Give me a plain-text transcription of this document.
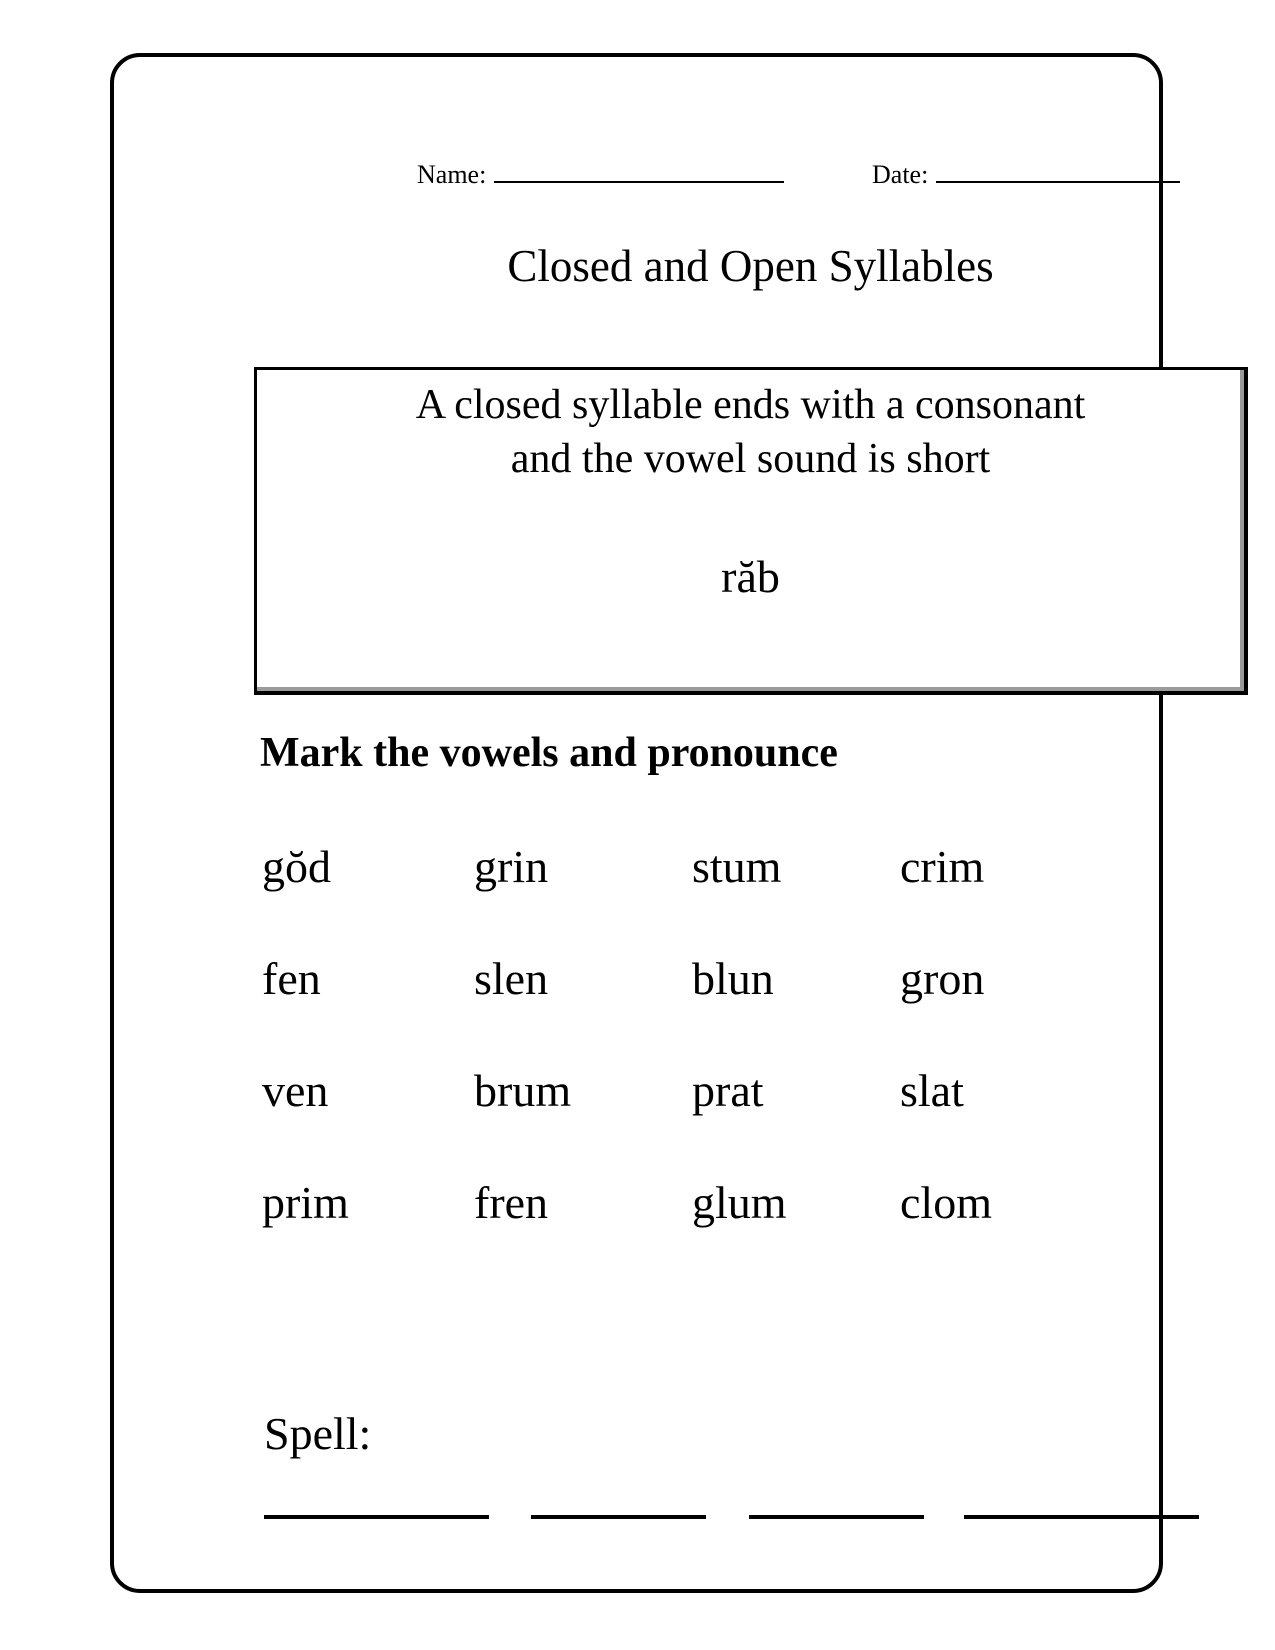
Name:	Date:
Closed and Open Syllables
A closed syllable ends with a consonant
and the vowel sound is short
răb
Mark the vowels and pronounce
gŏd	grin	stum	crim
fen	slen	blun	gron
ven	brum	prat	slat
prim	fren	glum	clom
Spell:
